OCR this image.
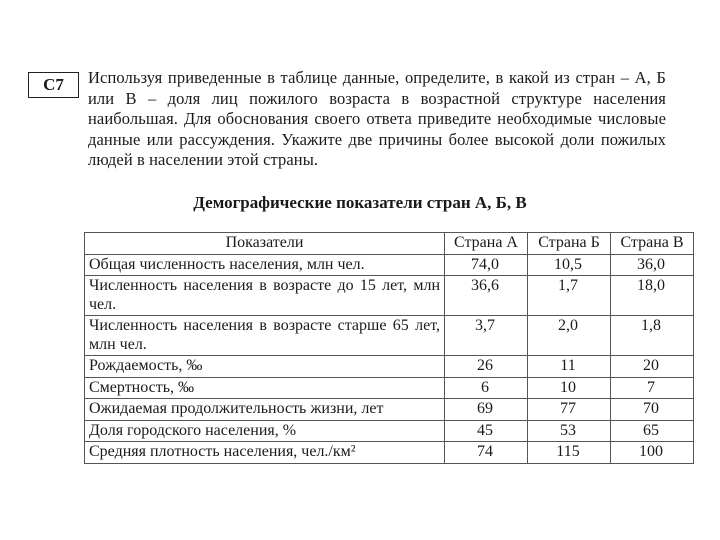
С7	Используя приведенные в таблице данные, определите, в какой из стран – А, Б или В – доля лиц пожилого возраста в возрастной структуре населения наибольшая. Для обоснования своего ответа приведите необходимые числовые данные или рассуждения. Укажите две причины более высокой доли пожилых людей в населении этой страны.
Демографические показатели стран А, Б, В
Показатели	Страна А	Страна Б	Страна В
Общая численность населения, млн чел.	74,0	10,5	36,0
Численность населения в возрасте до 15 лет, млн чел.	36,6	1,7	18,0
Численность населения в возрасте старше 65 лет, млн чел.	3,7	2,0	1,8
Рождаемость, ‰	26	11	20
Смертность, ‰	6	10	7
Ожидаемая продолжительность жизни, лет	69	77	70
Доля городского населения, %	45	53	65
Средняя плотность населения, чел./км²	74	115	100
